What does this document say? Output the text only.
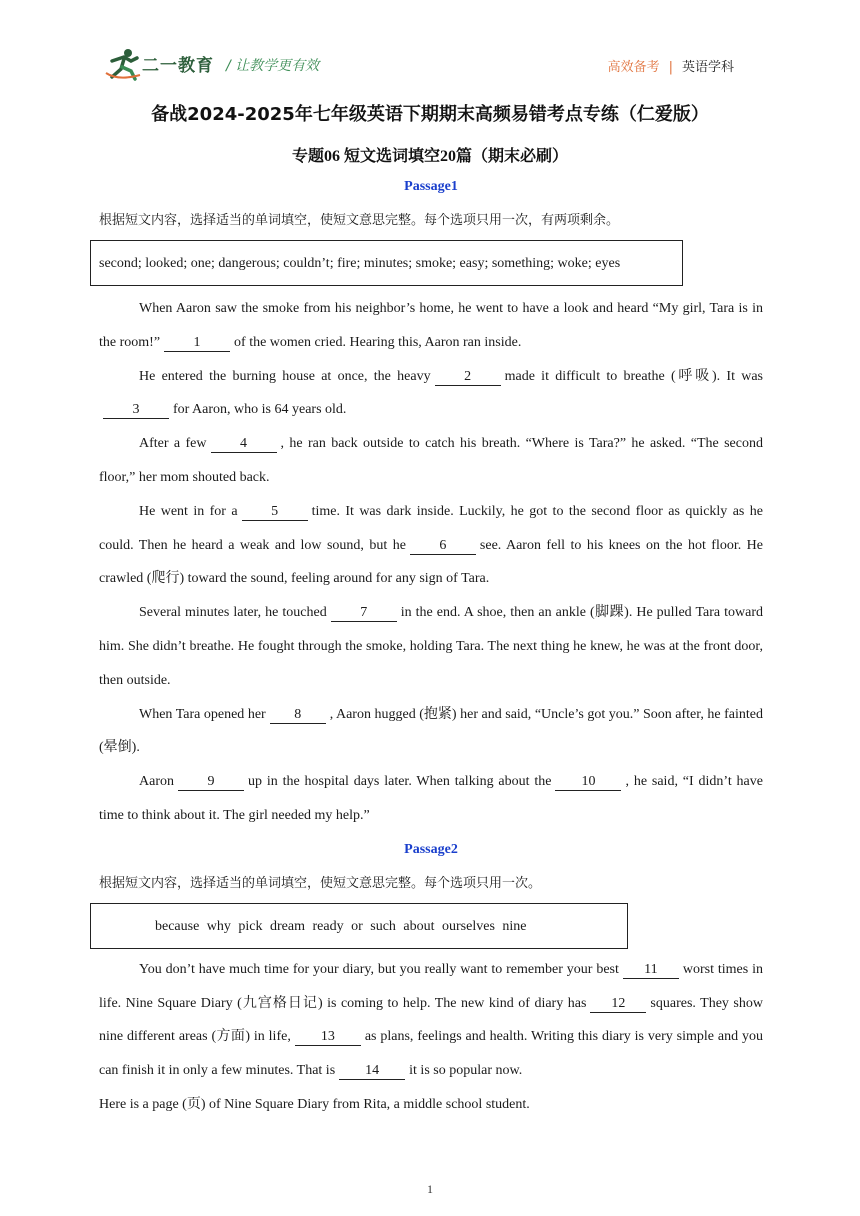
二一教育 / 让教学更有效	高效备考 | 英语学科
备战2024-2025年七年级英语下期期末高频易错考点专练（仁爱版）
专题06 短文选词填空20篇（期末必刷）
Passage1

根据短文内容，选择适当的单词填空，使短文意思完整。每个选项只用一次，有两项剩余。

second; looked; one; dangerous; couldn’t; fire; minutes; smoke; easy; something; woke; eyes

When Aaron saw the smoke from his neighbor’s home, he went to have a look and heard “My girl, Tara is in the room!” 1 of the women cried. Hearing this, Aaron ran inside.

He entered the burning house at once, the heavy 2 made it difficult to breathe (呼吸). It was3 for Aaron, who is 64 years old.

After a few 4 , he ran back outside to catch his breath. “Where is Tara?” he asked. “The second floor,” her mom shouted back.

He went in for a 5 time. It was dark inside. Luckily, he got to the second floor as quickly as he could. Then he heard a weak and low sound, but he 6 see. Aaron fell to his knees on the hot floor. He crawled (爬行) toward the sound, feeling around for any sign of Tara.

Several minutes later, he touched 7 in the end. A shoe, then an ankle (脚踝). He pulled Tara toward him. She didn’t breathe. He fought through the smoke, holding Tara. The next thing he knew, he was at the front door, then outside.

When Tara opened her 8 , Aaron hugged (抱紧) her and said, “Uncle’s got you.” Soon after, he fainted (晕倒).

Aaron 9 up in the hospital days later. When talking about the 10 , he said, “I didn’t have time to think about it. The girl needed my help.”

Passage2

根据短文内容，选择适当的单词填空，使短文意思完整。每个选项只用一次。

because why pick dream ready or such about ourselves nine

You don’t have much time for your diary, but you really want to remember your best 11 worst times in life. Nine Square Diary (九宫格日记) is coming to help. The new kind of diary has 12 squares. They show nine different areas (方面) in life, 13 as plans, feelings and health. Writing this diary is very simple and you can finish it in only a few minutes. That is 14 it is so popular now.

Here is a page (页) of Nine Square Diary from Rita, a middle school student.

1
